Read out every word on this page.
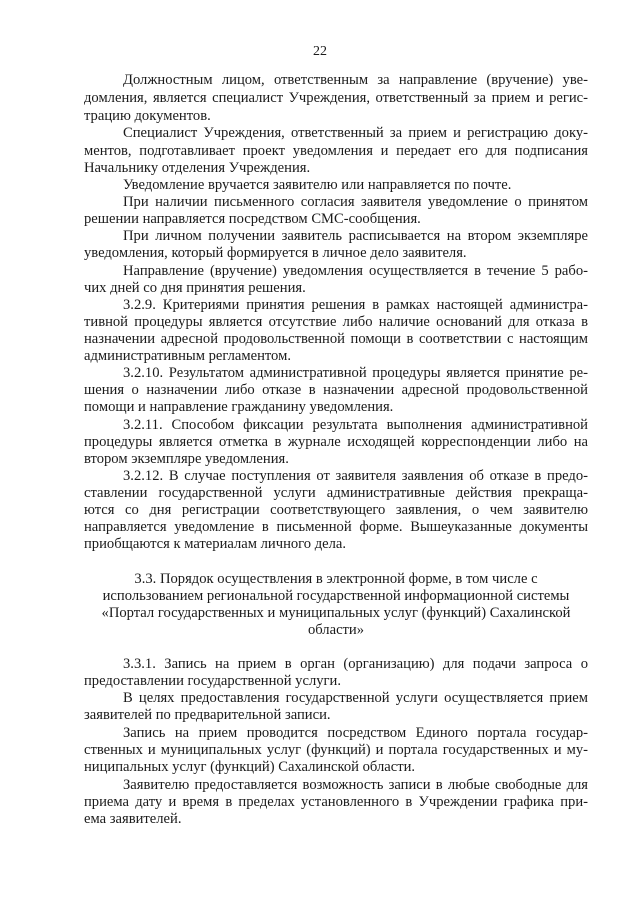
22
Должностным лицом, ответственным за направление (вручение) уве-
домления, является специалист Учреждения, ответственный за прием и регис-
трацию документов.
Специалист Учреждения, ответственный за прием и регистрацию доку-
ментов, подготавливает проект уведомления и передает его для подписания
Начальнику отделения Учреждения.
Уведомление вручается заявителю или направляется по почте.
При наличии письменного согласия заявителя уведомление о принятом
решении направляется посредством СМС-сообщения.
При личном получении заявитель расписывается на втором экземпляре
уведомления, который формируется в личное дело заявителя.
Направление (вручение) уведомления осуществляется в течение 5 рабо-
чих дней со дня принятия решения.
3.2.9. Критериями принятия решения в рамках настоящей администра-
тивной процедуры является отсутствие либо наличие оснований для отказа в
назначении адресной продовольственной помощи в соответствии с настоящим
административным регламентом.
3.2.10. Результатом административной процедуры является принятие ре-
шения о назначении либо отказе в назначении адресной продовольственной
помощи и направление гражданину уведомления.
3.2.11. Способом фиксации результата выполнения административной
процедуры является отметка в журнале исходящей корреспонденции либо на
втором экземпляре уведомления.
3.2.12. В случае поступления от заявителя заявления об отказе в предо-
ставлении государственной услуги административные действия прекраща-
ются со дня регистрации соответствующего заявления, о чем заявителю
направляется уведомление в письменной форме. Вышеуказанные документы
приобщаются к материалам личного дела.
3.3. Порядок осуществления в электронной форме, в том числе с
использованием региональной государственной информационной системы
«Портал государственных и муниципальных услуг (функций) Сахалинской
области»
3.3.1. Запись на прием в орган (организацию) для подачи запроса о
предоставлении государственной услуги.
В целях предоставления государственной услуги осуществляется прием
заявителей по предварительной записи.
Запись на прием проводится посредством Единого портала государ-
ственных и муниципальных услуг (функций) и портала государственных и му-
ниципальных услуг (функций) Сахалинской области.
Заявителю предоставляется возможность записи в любые свободные для
приема дату и время в пределах установленного в Учреждении графика при-
ема заявителей.
